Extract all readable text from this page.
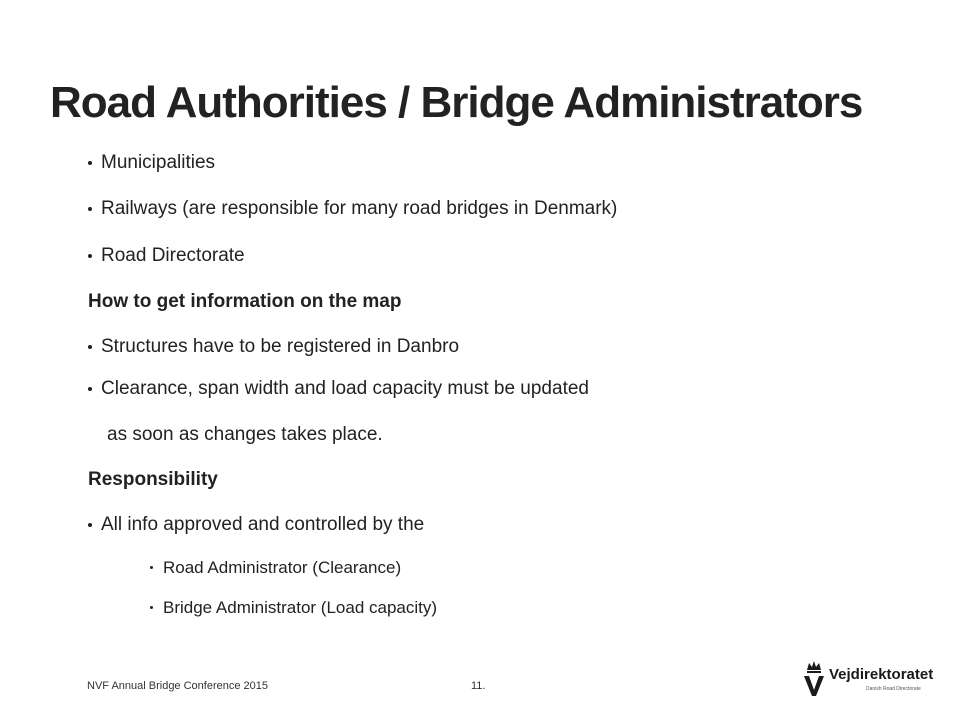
Road Authorities / Bridge Administrators
Municipalities
Railways (are responsible for many road bridges in Denmark)
Road Directorate
How to get information on the map
Structures have to be registered in Danbro
Clearance, span width and load capacity must be updated
as soon as changes takes place.
Responsibility
All info approved and controlled by the
Road Administrator (Clearance)
Bridge Administrator (Load capacity)
NVF Annual Bridge Conference 2015	11.
Vejdirektoratet
Danish Road Directorate
